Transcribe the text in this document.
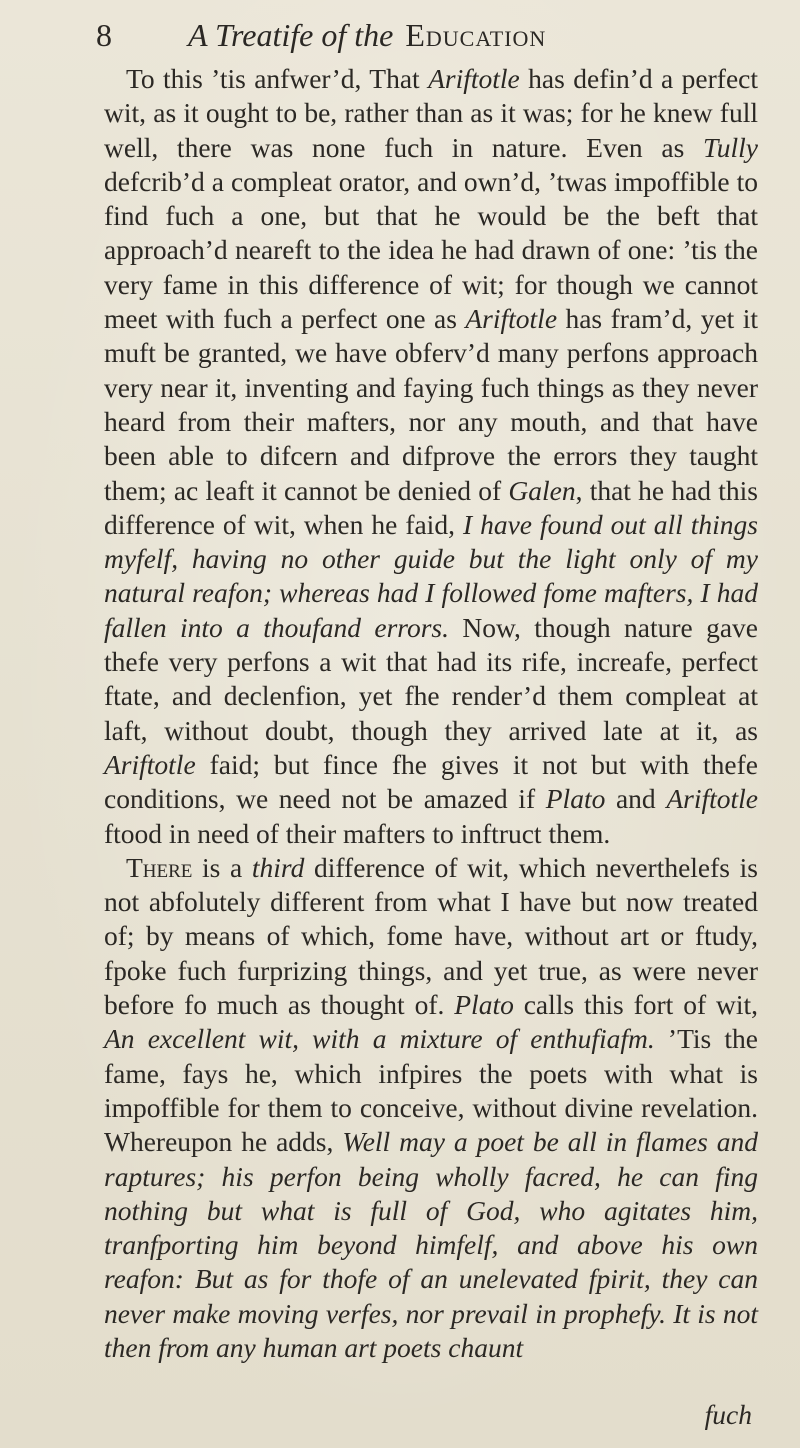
8 A Treatife of the Education

To this ’tis anfwer’d, That Ariftotle has defin’d a perfect wit, as it ought to be, rather than as it was; for he knew full well, there was none fuch in nature. Even as Tully defcrib’d a compleat orator, and own’d, ’twas impoffible to find fuch a one, but that he would be the beft that approach’d neareft to the idea he had drawn of one: ’tis the very fame in this difference of wit; for though we cannot meet with fuch a perfect one as Ariftotle has fram’d, yet it muft be granted, we have obferv’d many perfons approach very near it, inventing and faying fuch things as they never heard from their mafters, nor any mouth, and that have been able to difcern and difprove the errors they taught them; ac leaft it cannot be denied of Galen, that he had this difference of wit, when he faid, I have found out all things myfelf, having no other guide but the light only of my natural reafon; whereas had I followed fome mafters, I had fallen into a thoufand errors. Now, though nature gave thefe very perfons a wit that had its rife, increafe, perfect ftate, and declenfion, yet fhe render’d them compleat at laft, without doubt, though they arrived late at it, as Ariftotle faid; but fince fhe gives it not but with thefe conditions, we need not be amazed if Plato and Ariftotle ftood in need of their mafters to inftruct them.

There is a third difference of wit, which neverthelefs is not abfolutely different from what I have but now treated of; by means of which, fome have, without art or ftudy, fpoke fuch furprizing things, and yet true, as were never before fo much as thought of. Plato calls this fort of wit, An excellent wit, with a mixture of enthufiafm. ’Tis the fame, fays he, which infpires the poets with what is impoffible for them to conceive, without divine revelation. Whereupon he adds, Well may a poet be all in flames and raptures; his perfon being wholly facred, he can fing nothing but what is full of God, who agitates him, tranfporting him beyond himfelf, and above his own reafon: But as for thofe of an unelevated fpirit, they can never make moving verfes, nor prevail in prophefy. It is not then from any human art poets chaunt

fuch
